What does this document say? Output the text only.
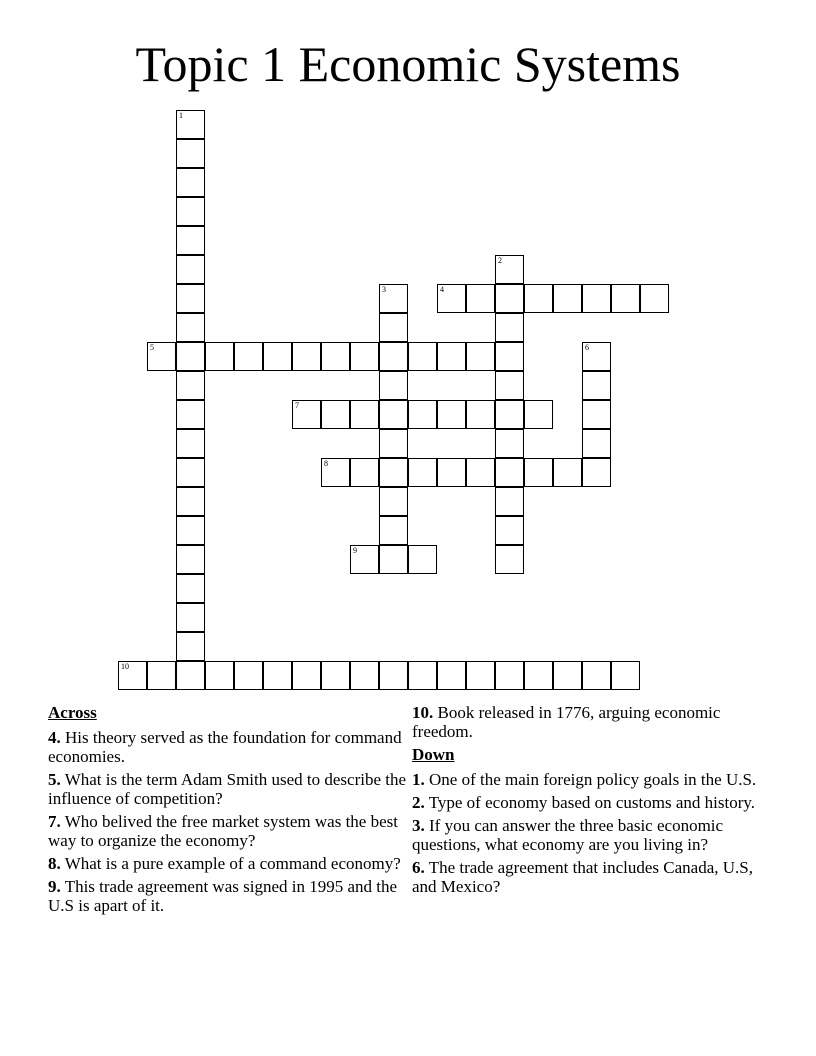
Topic 1 Economic Systems
1
2
3	4
5	6
7
8
9
10
Across
4. His theory served as the foundation for command economies.
5. What is the term Adam Smith used to describe the influence of competition?
7. Who belived the free market system was the best way to organize the economy?
8. What is a pure example of a command economy?
9. This trade agreement was signed in 1995 and the U.S is apart of it.
10. Book released in 1776, arguing economic freedom.
Down
1. One of the main foreign policy goals in the U.S.
2. Type of economy based on customs and history.
3. If you can answer the three basic economic questions, what economy are you living in?
6. The trade agreement that includes Canada, U.S, and Mexico?
